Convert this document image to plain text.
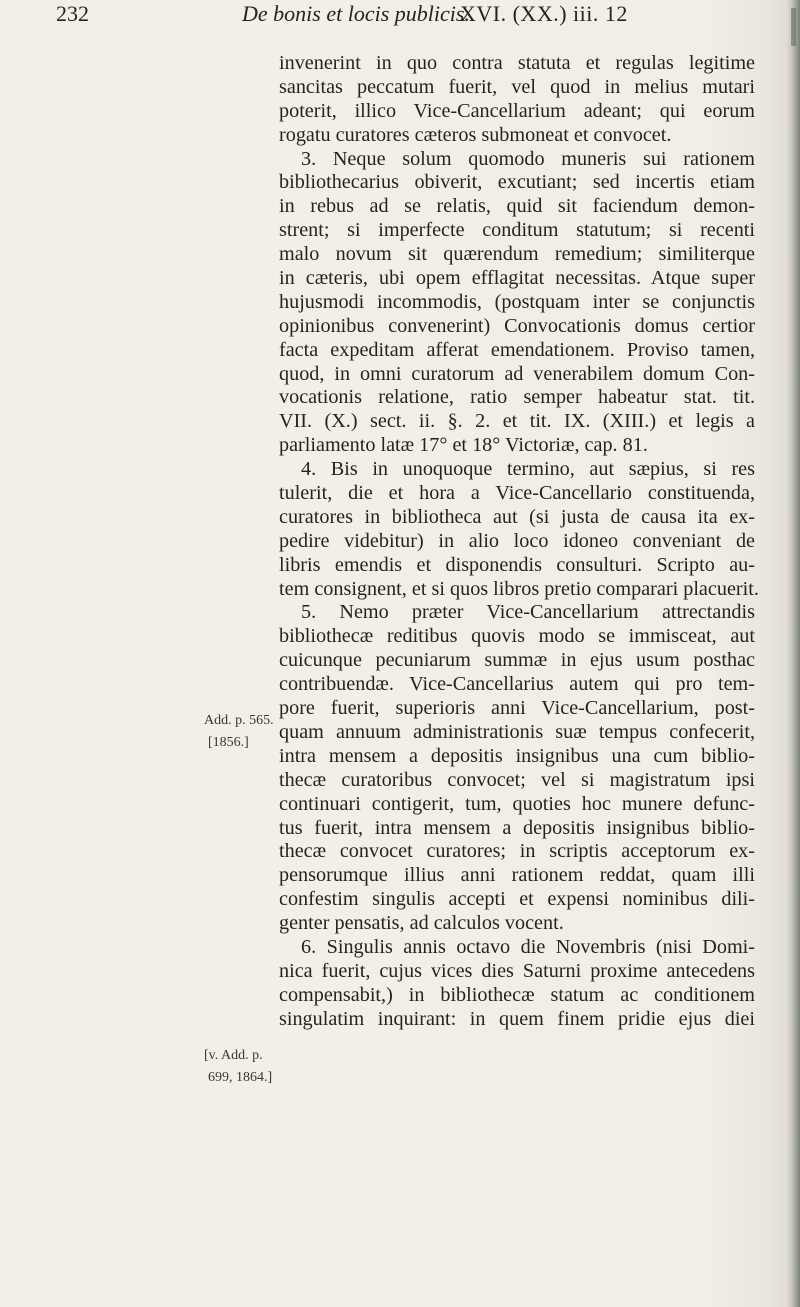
232	De bonis et locis publicis.
XVI. (XX.) iii. 12
invenerint in quo contra statuta et regulas legitime
sancitas peccatum fuerit, vel quod in melius mutari
poterit, illico Vice-Cancellarium adeant; qui eorum
rogatu curatores cæteros submoneat et convocet.
3. Neque solum quomodo muneris sui rationem
bibliothecarius obiverit, excutiant; sed incertis etiam
in rebus ad se relatis, quid sit faciendum demon-
strent; si imperfecte conditum statutum; si recenti
malo novum sit quærendum remedium; similiterque
in cæteris, ubi opem efflagitat necessitas. Atque super
hujusmodi incommodis, (postquam inter se conjunctis
opinionibus convenerint) Convocationis domus certior
facta expeditam afferat emendationem. Proviso tamen,
quod, in omni curatorum ad venerabilem domum Con-
vocationis relatione, ratio semper habeatur stat. tit.
VII. (X.) sect. ii. §. 2. et tit. IX. (XIII.) et legis a
parliamento latæ 17° et 18° Victoriæ, cap. 81.
4. Bis in unoquoque termino, aut sæpius, si res
tulerit, die et hora a Vice-Cancellario constituenda,
curatores in bibliotheca aut (si justa de causa ita ex-
pedire videbitur) in alio loco idoneo conveniant de
libris emendis et disponendis consulturi. Scripto au-
tem consignent, et si quos libros pretio comparari placuerit.
5. Nemo præter Vice-Cancellarium attrectandis
bibliothecæ reditibus quovis modo se immisceat, aut
cuicunque pecuniarum summæ in ejus usum posthac
contribuendæ. Vice-Cancellarius autem qui pro tem-
pore fuerit, superioris anni Vice-Cancellarium, post-
quam annuum administrationis suæ tempus confecerit,
intra mensem a depositis insignibus una cum biblio-
thecæ curatoribus convocet; vel si magistratum ipsi
continuari contigerit, tum, quoties hoc munere defunc-
tus fuerit, intra mensem a depositis insignibus biblio-
thecæ convocet curatores; in scriptis acceptorum ex-
pensorumque illius anni rationem reddat, quam illi
confestim singulis accepti et expensi nominibus dili-
genter pensatis, ad calculos vocent.
6. Singulis annis octavo die Novembris (nisi Domi-
nica fuerit, cujus vices dies Saturni proxime antecedens
compensabit,) in bibliothecæ statum ac conditionem
singulatim inquirant: in quem finem pridie ejus diei
Add. p. 565.
[1856.]
[v. Add. p.
699, 1864.]
